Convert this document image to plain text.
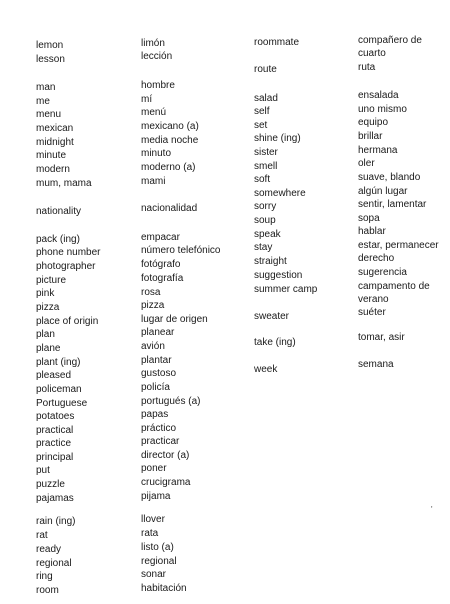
lemon	limón
lesson	lección
man	hombre
me	mí
menu	menú
mexican	mexicano (a)
midnight	media noche
minute	minuto
modern	moderno (a)
mum, mama	mami
nationality	nacionalidad
pack (ing)	empacar
phone number	número telefónico
photographer	fotógrafo
picture	fotografía
pink	rosa
pizza	pizza
place of origin	lugar de origen
plan	planear
plane	avión
plant (ing)	plantar
pleased	gustoso
policeman	policía
Portuguese	portugués (a)
potatoes	papas
practical	práctico
practice	practicar
principal	director (a)
put	poner
puzzle	crucigrama
pajamas	pijama
rain (ing)	llover
rat	rata
ready	listo (a)
regional	regional
ring	sonar
room	habitación
roommate	compañero de
cuarto
route	ruta
salad	ensalada
self	uno mismo
set	equipo
shine (ing)	brillar
sister	hermana
smell	oler
soft	suave, blando
somewhere	algún lugar
sorry	sentir, lamentar
soup	sopa
speak	hablar
stay	estar, permanecer
straight	derecho
suggestion	sugerencia
summer camp	campamento de
verano
sweater	suéter
take (ing)	tomar, asir
week	semana
'
